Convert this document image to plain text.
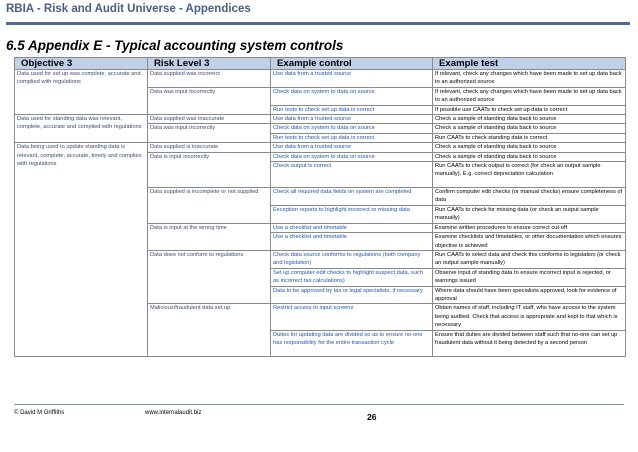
RBIA - Risk and Audit Universe - Appendices
6.5 Appendix E - Typical accounting system controls
Objective 3	Risk Level 3	Example control	Example test
Data used for set up was complete, accurate and complied with regulations	Data supplied was incorrect	Use data from a trusted source	If relevant, check any changes which have been made to set up data back to an authorized source
	Data was input incorrectly	Check data on system to data on source	If relevant, check any changes which have been made to set up data back to an authorized source
		Run tests to check set up data is correct	If possible use CAATs to check set up data is correct
Data used for standing data was relevant, complete, accurate and complied with regulations	Data supplied was inaccurate	Use data from a trusted source	Check a sample of standing data back to source
	Data was input incorrectly	Check data on system to data on source	Check a sample of standing data back to source
		Run tests to check set up data is correct	Run CAATs to check standing data is correct
Data being used to update standing data is relevant, complete, accurate, timely and complies with regulations	Data supplied is inaccurate	Use data from a trusted source	Check a sample of standing data back to source
	Data is input incorrectly	Check data on system to data on source	Check a sample of standing data back to source
		Check output is correct	Run CAATs to check output is correct (for check an output sample manually). E.g. correct depreciation calculation
	Data supplied is incomplete or not supplied	Check all required data fields on system are completed	Confirm computer edit checks (or manual checks) ensure completeness of data
		Exception reports to highlight incorrect or missing data	Run CAATs to check for missing data (or check an output sample manually)
	Data is input at the wrong time	Use a checklist and timetable	Examine written procedures to ensure correct cut-off
		Use a checklist and timetable	Examine checklists and timetables, or other documentation which ensures objective is achieved
	Data does not conform to regulations	Check data source conforms to regulations (both company and legislation)	Run CAATs to select data and check this conforms to legislation (or check an output sample manually)
		Set up computer edit checks to highlight suspect data, such as incorrect tax calculations)	Observe input of standing data to ensure incorrect input is rejected, or warnings issued
		Data to be approved by tax or legal specialists, if necessary	Where data should have been specialists approved, look for evidence of approval
	Malicious/fraudulent data set up	Restrict access to input screens	Obtain names of staff, including IT staff, who have access to the system being audited. Check that access is appropriate and kept to that which is necessary
		Duties for updating data are divided so as to ensure no-one has responsibility for the entire transaction cycle	Ensure that duties are divided between staff such that no-one can set up fraudulent data without it being detected by a second person
© David M Griffiths	www.internalaudit.biz	26
